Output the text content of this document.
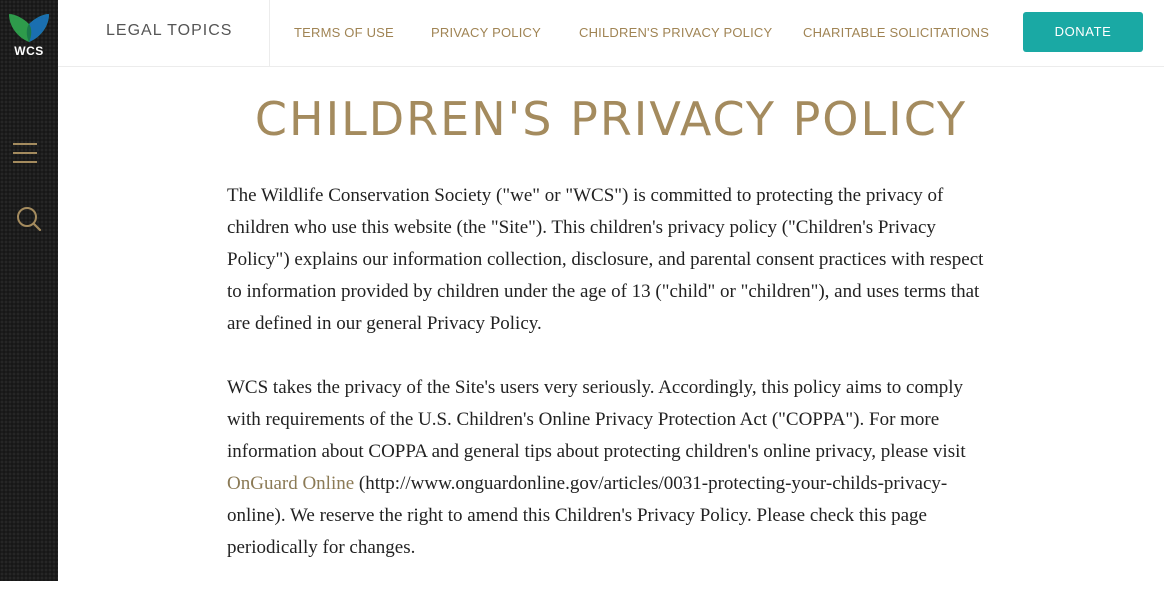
WCS
LEGAL TOPICS	TERMS OF USE	PRIVACY POLICY	CHILDREN'S PRIVACY POLICY CHARITABLE SOLICITATIONS	DONATE
CHILDREN'S PRIVACY POLICY

The Wildlife Conservation Society ("we" or "WCS") is committed to protecting the privacy of children who use this website (the "Site"). This children's privacy policy ("Children's Privacy Policy") explains our information collection, disclosure, and parental consent practices with respect to information provided by children under the age of 13 ("child" or "children"), and uses terms that are defined in our general Privacy Policy.

WCS takes the privacy of the Site's users very seriously. Accordingly, this policy aims to comply with requirements of the U.S. Children's Online Privacy Protection Act ("COPPA"). For more information about COPPA and general tips about protecting children's online privacy, please visit OnGuard Online (http://www.onguardonline.gov/articles/0031-protecting-your-childs-privacy-online). We reserve the right to amend this Children's Privacy Policy. Please check this page periodically for changes.
